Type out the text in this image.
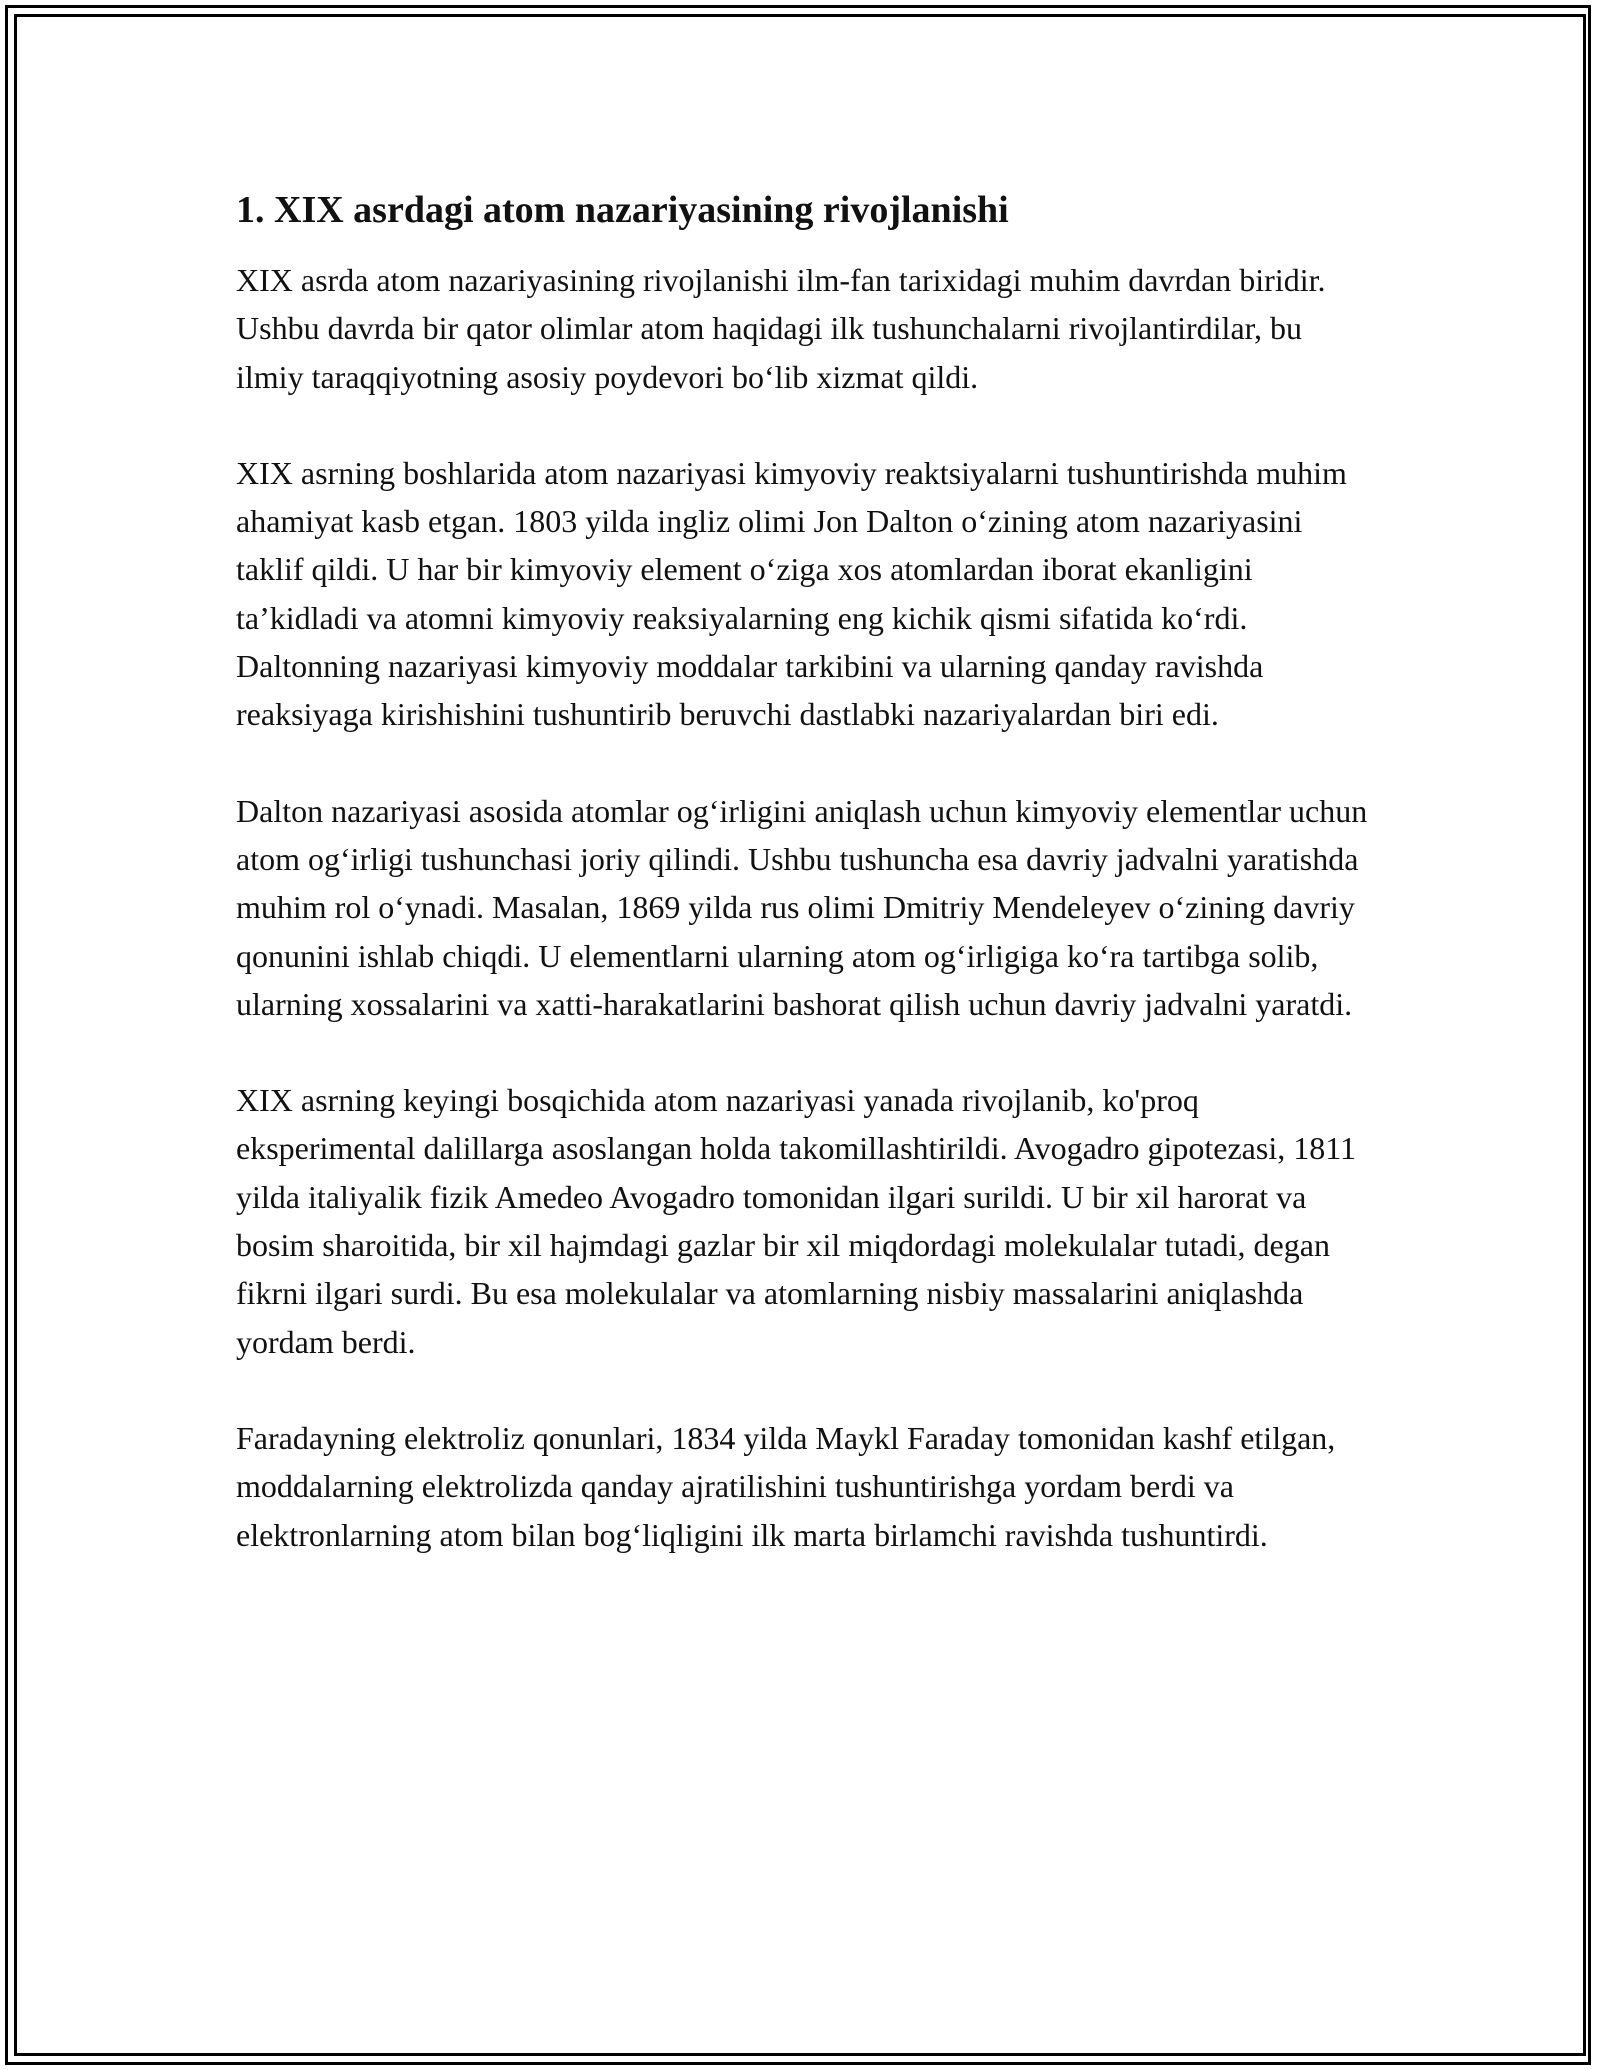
1. XIX asrdagi atom nazariyasining rivojlanishi

XIX asrda atom nazariyasining rivojlanishi ilm-fan tarixidagi muhim davrdan biridir. Ushbu davrda bir qator olimlar atom haqidagi ilk tushunchalarni rivojlantirdilar, bu ilmiy taraqqiyotning asosiy poydevori bo‘lib xizmat qildi.

XIX asrning boshlarida atom nazariyasi kimyoviy reaktsiyalarni tushuntirishda muhim ahamiyat kasb etgan. 1803 yilda ingliz olimi Jon Dalton o‘zining atom nazariyasini taklif qildi. U har bir kimyoviy element o‘ziga xos atomlardan iborat ekanligini ta’kidladi va atomni kimyoviy reaksiyalarning eng kichik qismi sifatida ko‘rdi. Daltonning nazariyasi kimyoviy moddalar tarkibini va ularning qanday ravishda reaksiyaga kirishishini tushuntirib beruvchi dastlabki nazariyalardan biri edi.

Dalton nazariyasi asosida atomlar og‘irligini aniqlash uchun kimyoviy elementlar uchun atom og‘irligi tushunchasi joriy qilindi. Ushbu tushuncha esa davriy jadvalni yaratishda muhim rol o‘ynadi. Masalan, 1869 yilda rus olimi Dmitriy Mendeleyev o‘zining davriy qonunini ishlab chiqdi. U elementlarni ularning atom og‘irligiga ko‘ra tartibga solib, ularning xossalarini va xatti-harakatlarini bashorat qilish uchun davriy jadvalni yaratdi.

XIX asrning keyingi bosqichida atom nazariyasi yanada rivojlanib, ko'proq eksperimental dalillarga asoslangan holda takomillashtirildi. Avogadro gipotezasi, 1811 yilda italiyalik fizik Amedeo Avogadro tomonidan ilgari surildi. U bir xil harorat va bosim sharoitida, bir xil hajmdagi gazlar bir xil miqdordagi molekulalar tutadi, degan fikrni ilgari surdi. Bu esa molekulalar va atomlarning nisbiy massalarini aniqlashda yordam berdi.

Faradayning elektroliz qonunlari, 1834 yilda Maykl Faraday tomonidan kashf etilgan, moddalarning elektrolizda qanday ajratilishini tushuntirishga yordam berdi va elektronlarning atom bilan bog‘liqligini ilk marta birlamchi ravishda tushuntirdi.
